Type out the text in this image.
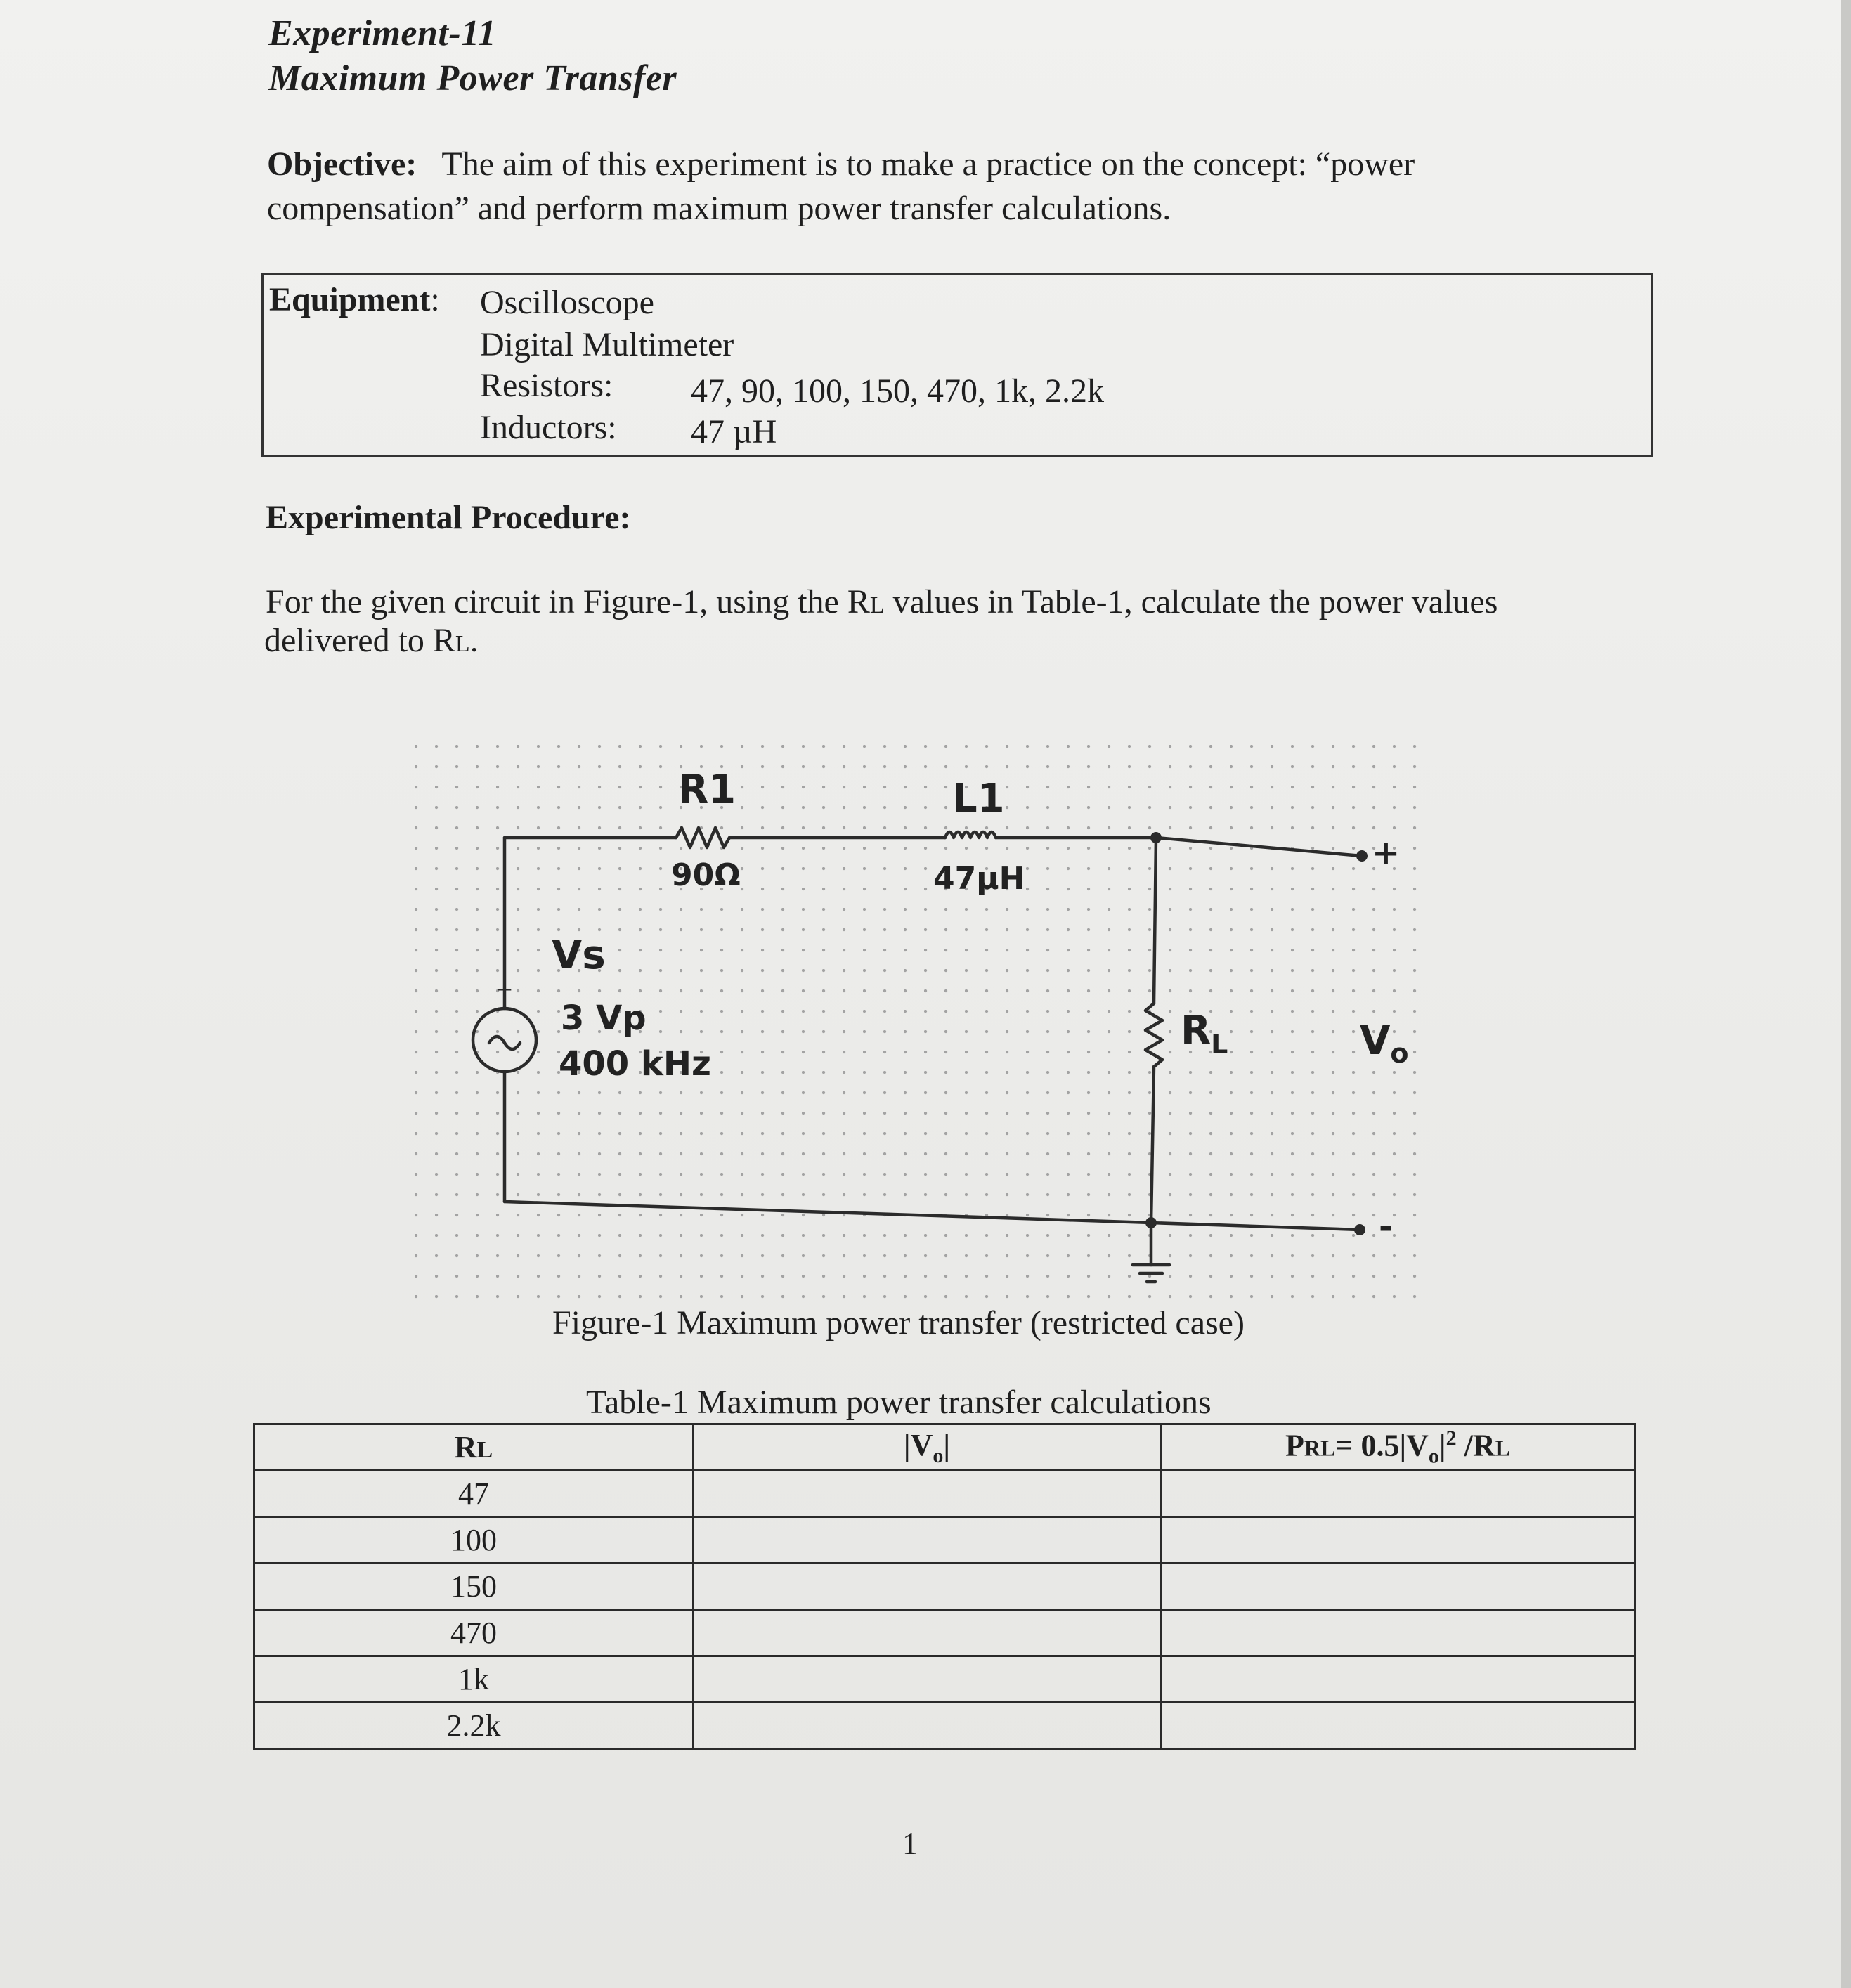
Experiment-11
Maximum Power Transfer
Objective: The aim of this experiment is to make a practice on the concept: “power
compensation” and perform maximum power transfer calculations.
Equipment: Oscilloscope
Digital Multimeter
Resistors: 47, 90, 100, 150, 470, 1k, 2.2k
Inductors: 47 µH
Experimental Procedure:
For the given circuit in Figure-1, using the RL values in Table-1, calculate the power values
delivered to RL.
+
R1
90Ω
L1
47µH
Vs
3 Vp
400 kHz
$R_L$	$V_o$
+
-
Figure-1 Maximum power transfer (restricted case)
Table-1 Maximum power transfer calculations
RL	$|V_o|$	$PRL= 0.5|V_o|^2$ /RL
47		
100		
150		
470		
1k		
2.2k		
1
